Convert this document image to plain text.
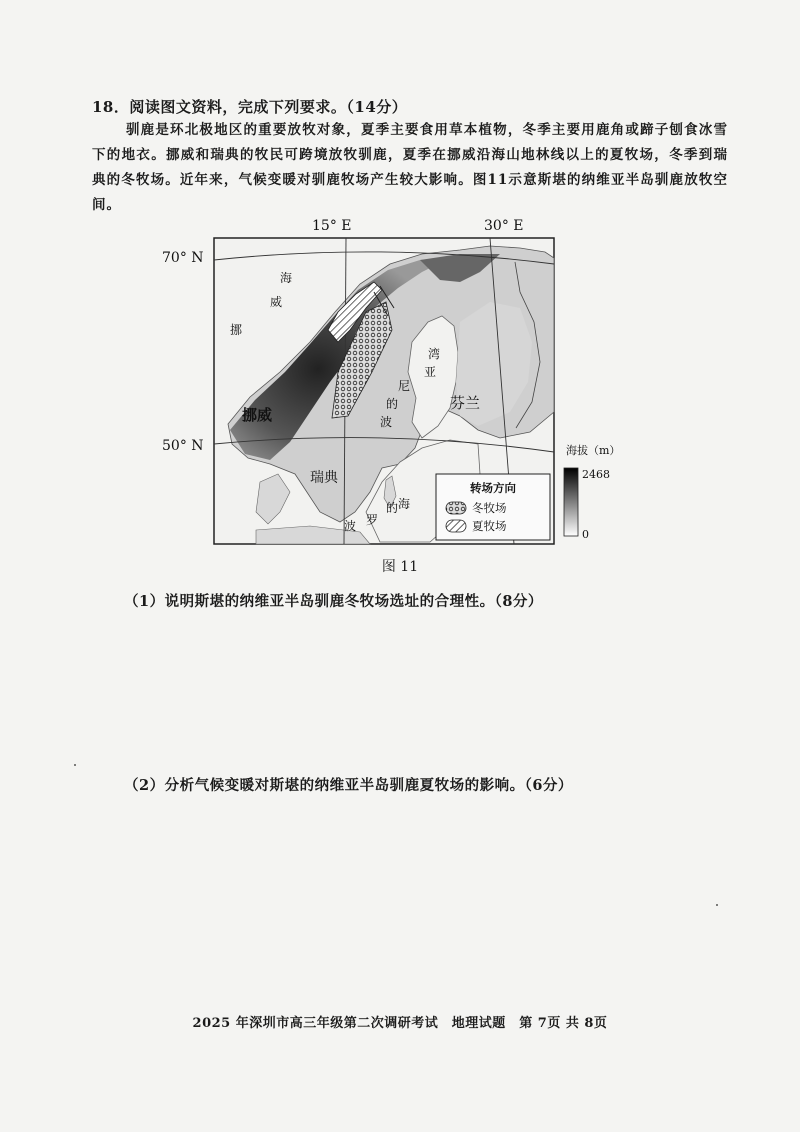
18．阅读图文资料，完成下列要求。（14分）
驯鹿是环北极地区的重要放牧对象，夏季主要食用草本植物，冬季主要用鹿角或蹄子刨食冰雪下的地衣。挪威和瑞典的牧民可跨境放牧驯鹿，夏季在挪威沿海山地林线以上的夏牧场，冬季到瑞典的冬牧场。近年来，气候变暖对驯鹿牧场产生较大影响。图11示意斯堪的纳维亚半岛驯鹿放牧空间。
15° E	30° E
70° N
50° N
海
威
挪
湾
亚
尼
的
波
罗
的 海
波
挪威
瑞典
芬兰
转场方向
冬牧场
夏牧场
海拔（m）
2468
0
图 11
（1）说明斯堪的纳维亚半岛驯鹿冬牧场选址的合理性。（8分）
（2）分析气候变暖对斯堪的纳维亚半岛驯鹿夏牧场的影响。（6分）
2025 年深圳市高三年级第二次调研考试　地理试题　第 7页 共 8页
